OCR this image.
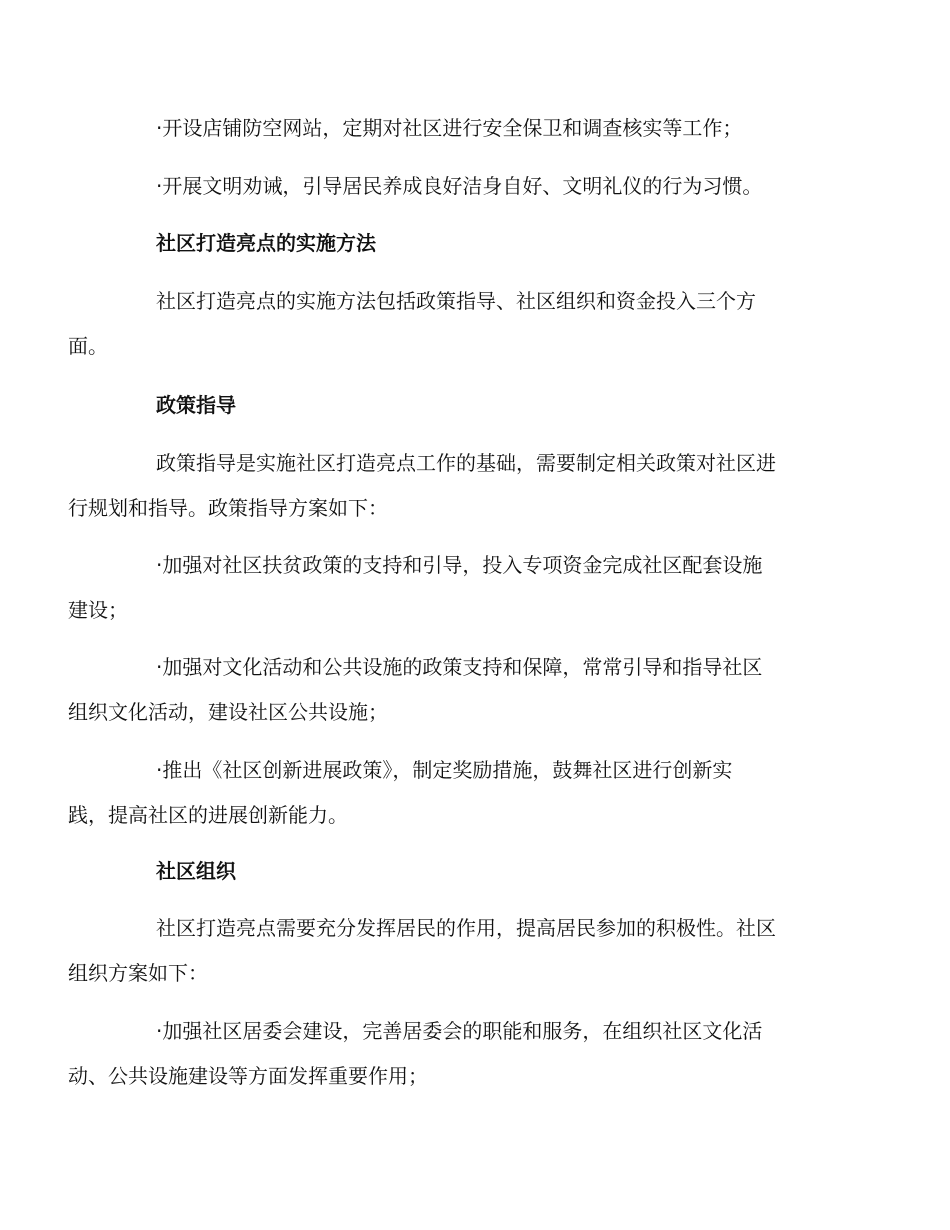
·开设店铺防空网站，定期对社区进行安全保卫和调查核实等工作；

·开展文明劝诫，引导居民养成良好洁身自好、文明礼仪的行为习惯。

社区打造亮点的实施方法

社区打造亮点的实施方法包括政策指导、社区组织和资金投入三个方
面。

政策指导

政策指导是实施社区打造亮点工作的基础，需要制定相关政策对社区进
行规划和指导。政策指导方案如下：

·加强对社区扶贫政策的支持和引导，投入专项资金完成社区配套设施
建设；

·加强对文化活动和公共设施的政策支持和保障，常常引导和指导社区
组织文化活动，建设社区公共设施；

·推出《社区创新进展政策》，制定奖励措施，鼓舞社区进行创新实
践，提高社区的进展创新能力。

社区组织

社区打造亮点需要充分发挥居民的作用，提高居民参加的积极性。社区
组织方案如下：

·加强社区居委会建设，完善居委会的职能和服务，在组织社区文化活
动、公共设施建设等方面发挥重要作用；
